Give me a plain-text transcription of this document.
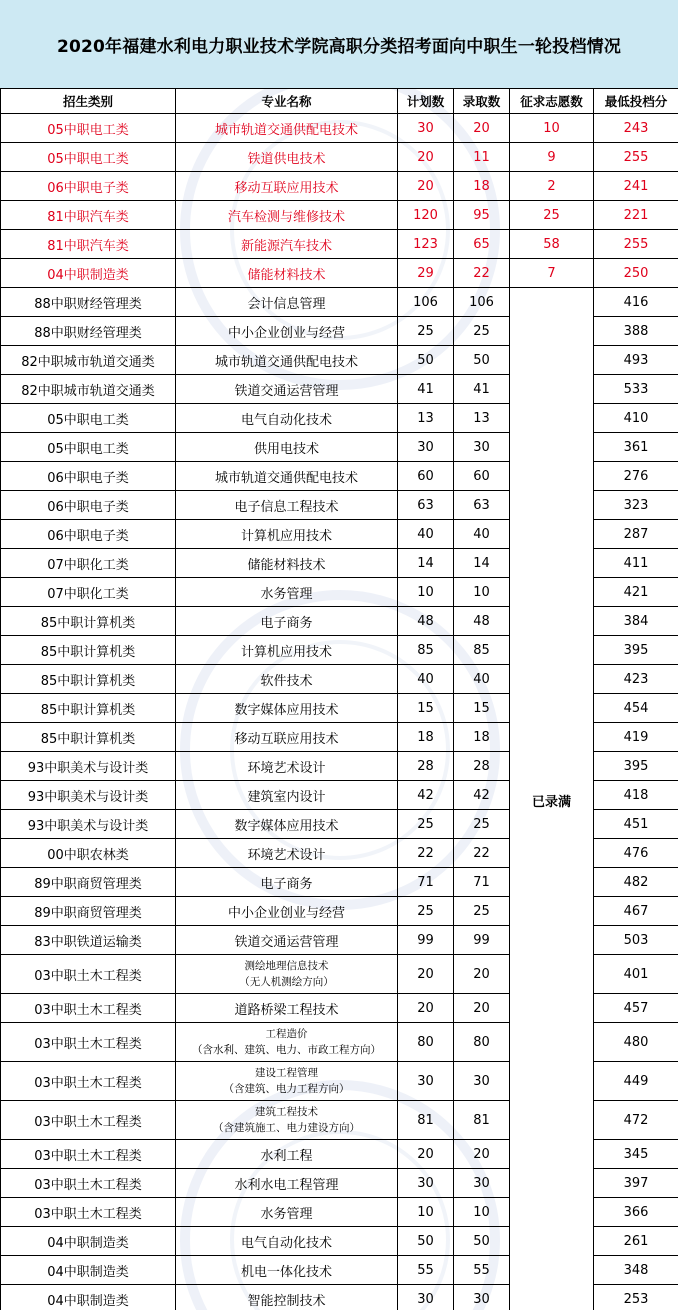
2020年福建水利电力职业技术学院高职分类招考面向中职生一轮投档情况
招生类别	专业名称	计划数	录取数	征求志愿数	最低投档分
05中职电工类	城市轨道交通供配电技术	30	20	10	243
05中职电工类	铁道供电技术	20	11	9	255
06中职电子类	移动互联应用技术	20	18	2	241
81中职汽车类	汽车检测与维修技术	120	95	25	221
81中职汽车类	新能源汽车技术	123	65	58	255
04中职制造类	储能材料技术	29	22	7	250
88中职财经管理类	会计信息管理	106	106	已录满	416
88中职财经管理类	中小企业创业与经营	25	25		388
82中职城市轨道交通类	城市轨道交通供配电技术	50	50		493
82中职城市轨道交通类	铁道交通运营管理	41	41		533
05中职电工类	电气自动化技术	13	13		410
05中职电工类	供用电技术	30	30		361
06中职电子类	城市轨道交通供配电技术	60	60		276
06中职电子类	电子信息工程技术	63	63		323
06中职电子类	计算机应用技术	40	40		287
07中职化工类	储能材料技术	14	14		411
07中职化工类	水务管理	10	10		421
85中职计算机类	电子商务	48	48		384
85中职计算机类	计算机应用技术	85	85		395
85中职计算机类	软件技术	40	40		423
85中职计算机类	数字媒体应用技术	15	15		454
85中职计算机类	移动互联应用技术	18	18		419
93中职美术与设计类	环境艺术设计	28	28		395
93中职美术与设计类	建筑室内设计	42	42		418
93中职美术与设计类	数字媒体应用技术	25	25		451
00中职农林类	环境艺术设计	22	22		476
89中职商贸管理类	电子商务	71	71		482
89中职商贸管理类	中小企业创业与经营	25	25		467
83中职铁道运输类	铁道交通运营管理	99	99		503
03中职土木工程类	测绘地理信息技术
（无人机测绘方向）	20	20		401
03中职土木工程类	道路桥梁工程技术	20	20		457
03中职土木工程类	工程造价
（含水利、建筑、电力、市政工程方向）	80	80		480
03中职土木工程类	建设工程管理
（含建筑、电力工程方向）	30	30		449
03中职土木工程类	建筑工程技术
（含建筑施工、电力建设方向）	81	81		472
03中职土木工程类	水利工程	20	20		345
03中职土木工程类	水利水电工程管理	30	30		397
03中职土木工程类	水务管理	10	10		366
04中职制造类	电气自动化技术	50	50		261
04中职制造类	机电一体化技术	55	55		348
04中职制造类	智能控制技术	30	30		253
